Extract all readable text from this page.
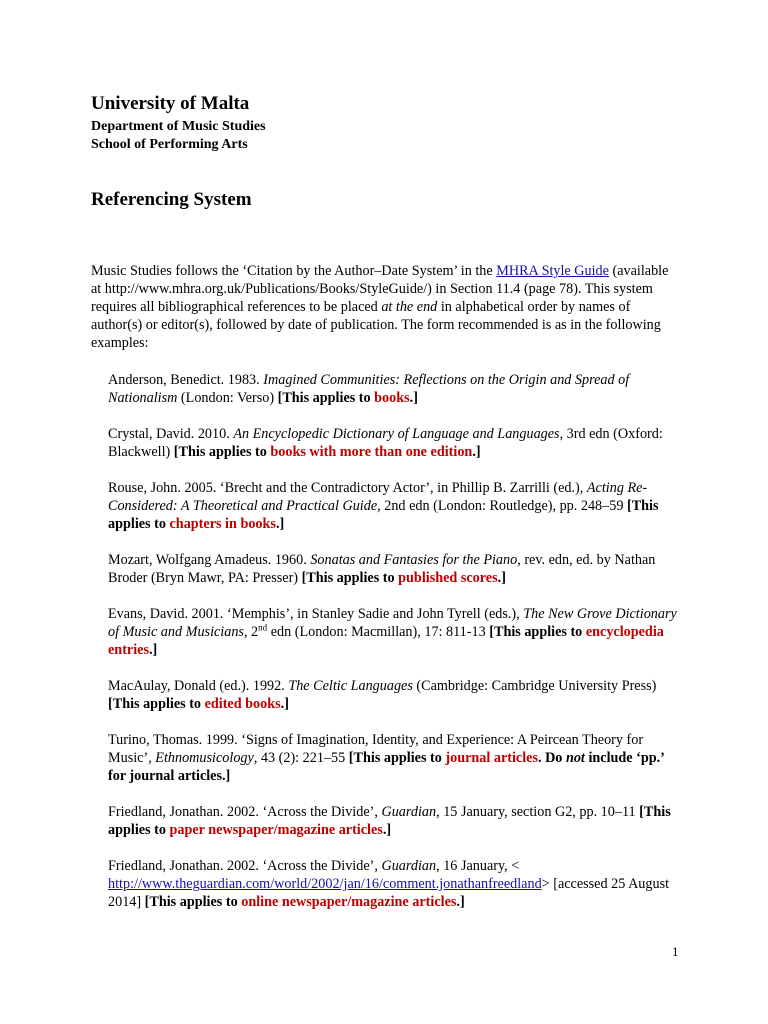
University of Malta
Department of Music Studies
School of Performing Arts
Referencing System
Music Studies follows the ‘Citation by the Author–Date System’ in the MHRA Style Guide (available at http://www.mhra.org.uk/Publications/Books/StyleGuide/) in Section 11.4 (page 78). This system requires all bibliographical references to be placed at the end in alphabetical order by names of author(s) or editor(s), followed by date of publication. The form recommended is as in the following examples:

Anderson, Benedict. 1983. Imagined Communities: Reflections on the Origin and Spread of Nationalism (London: Verso) [This applies to books.]

Crystal, David. 2010. An Encyclopedic Dictionary of Language and Languages, 3rd edn (Oxford: Blackwell) [This applies to books with more than one edition.]

Rouse, John. 2005. ‘Brecht and the Contradictory Actor’, in Phillip B. Zarrilli (ed.), Acting Re-Considered: A Theoretical and Practical Guide, 2nd edn (London: Routledge), pp. 248–59 [This applies to chapters in books.]

Mozart, Wolfgang Amadeus. 1960. Sonatas and Fantasies for the Piano, rev. edn, ed. by Nathan Broder (Bryn Mawr, PA: Presser) [This applies to published scores.]

Evans, David. 2001. ‘Memphis’, in Stanley Sadie and John Tyrell (eds.), The New Grove Dictionary of Music and Musicians, 2nd edn (London: Macmillan), 17: 811-13 [This applies to encyclopedia entries.]

MacAulay, Donald (ed.). 1992. The Celtic Languages (Cambridge: Cambridge University Press) [This applies to edited books.]

Turino, Thomas. 1999. ‘Signs of Imagination, Identity, and Experience: A Peircean Theory for Music’, Ethnomusicology, 43 (2): 221–55 [This applies to journal articles. Do not include ‘pp.’ for journal articles.]

Friedland, Jonathan. 2002. ‘Across the Divide’, Guardian, 15 January, section G2, pp. 10–11 [This applies to paper newspaper/magazine articles.]

Friedland, Jonathan. 2002. ‘Across the Divide’, Guardian, 16 January, < http://www.theguardian.com/world/2002/jan/16/comment.jonathanfreedland> [accessed 25 August 2014] [This applies to online newspaper/magazine articles.]

1
